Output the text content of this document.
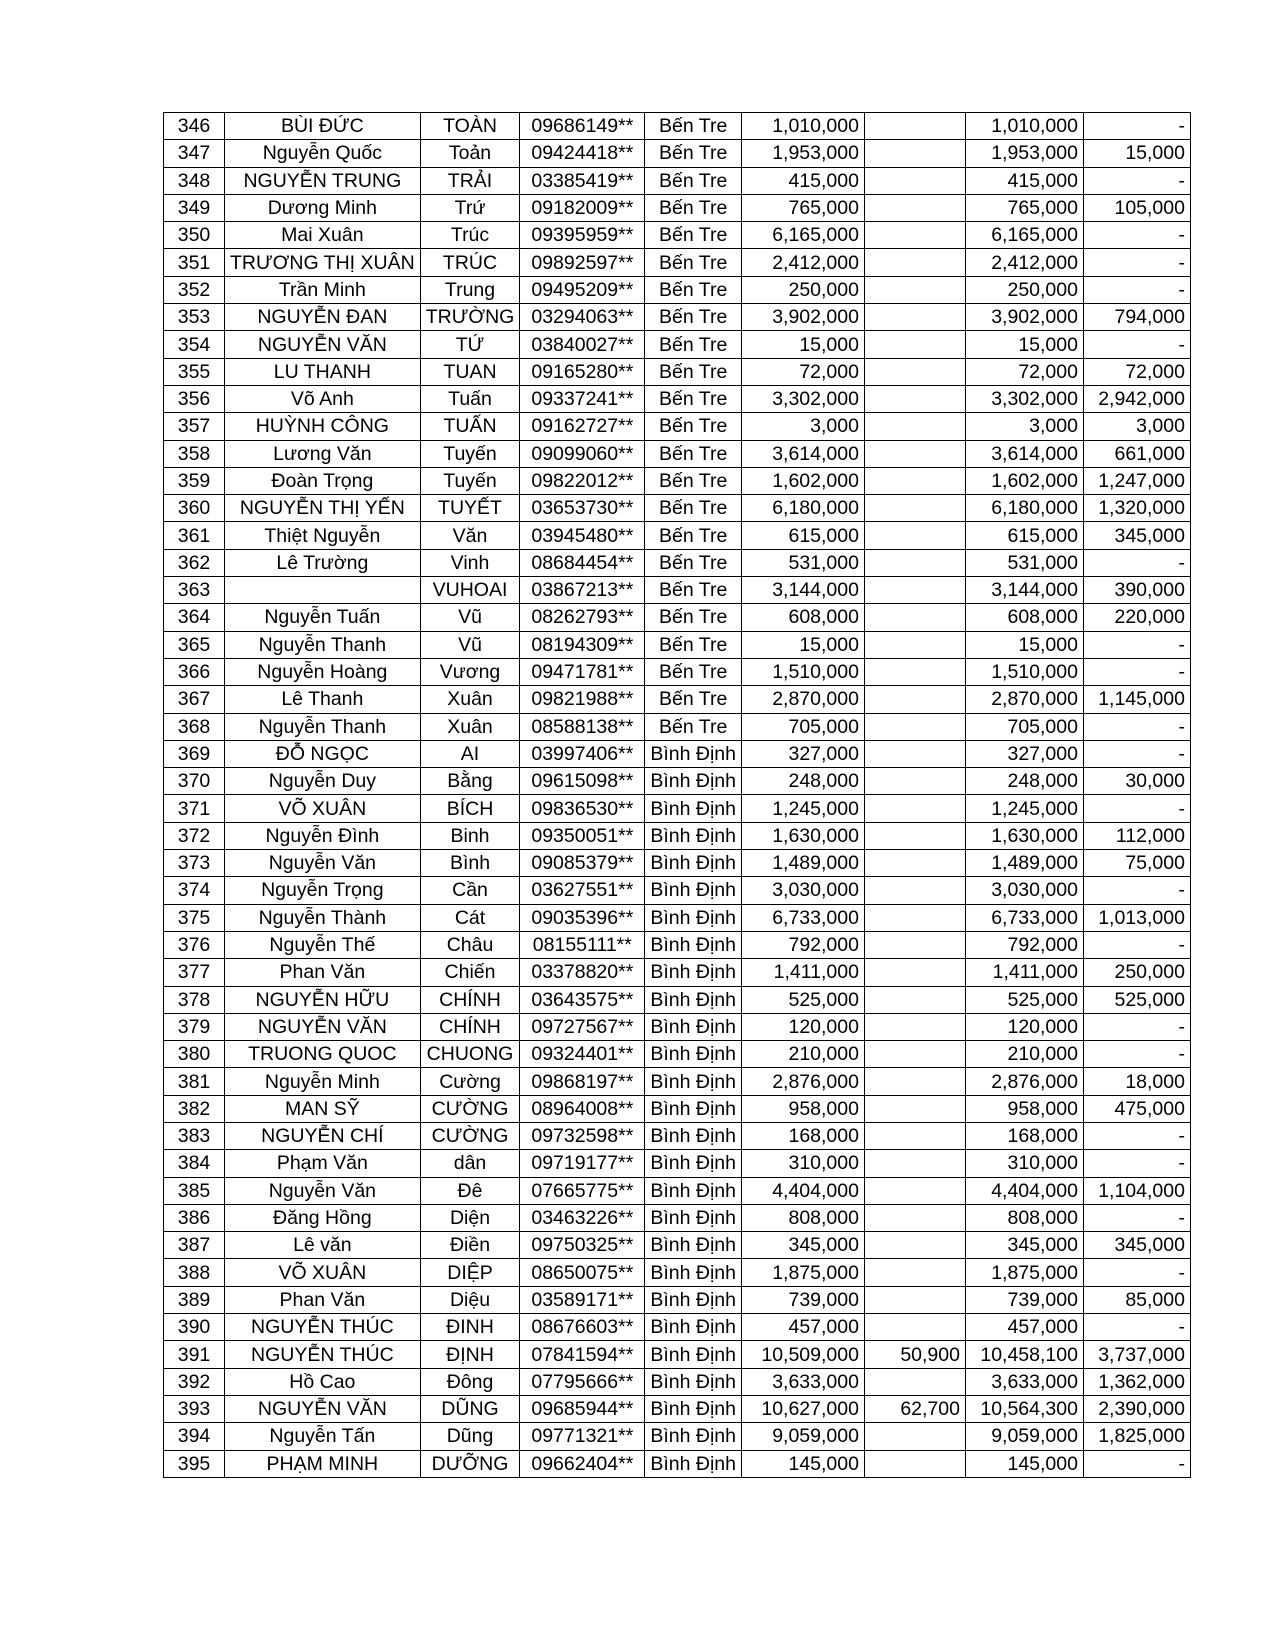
346	BÙI ĐỨC	TOÀN	09686149**	Bến Tre	1,010,000		1,010,000	-
347	Nguyễn Quốc	Toản	09424418**	Bến Tre	1,953,000		1,953,000	15,000
348	NGUYỄN TRUNG	TRẢI	03385419**	Bến Tre	415,000		415,000	-
349	Dương Minh	Trứ	09182009**	Bến Tre	765,000		765,000	105,000
350	Mai Xuân	Trúc	09395959**	Bến Tre	6,165,000		6,165,000	-
351	TRƯƠNG THỊ XUÂN	TRÚC	09892597**	Bến Tre	2,412,000		2,412,000	-
352	Trần Minh	Trung	09495209**	Bến Tre	250,000		250,000	-
353	NGUYỄN ĐAN	TRƯỜNG	03294063**	Bến Tre	3,902,000		3,902,000	794,000
354	NGUYỄN VĂN	TỨ	03840027**	Bến Tre	15,000		15,000	-
355	LU THANH	TUAN	09165280**	Bến Tre	72,000		72,000	72,000
356	Võ Anh	Tuấn	09337241**	Bến Tre	3,302,000		3,302,000	2,942,000
357	HUỲNH CÔNG	TUẤN	09162727**	Bến Tre	3,000		3,000	3,000
358	Lương Văn	Tuyến	09099060**	Bến Tre	3,614,000		3,614,000	661,000
359	Đoàn Trọng	Tuyến	09822012**	Bến Tre	1,602,000		1,602,000	1,247,000
360	NGUYỄN THỊ YẾN	TUYẾT	03653730**	Bến Tre	6,180,000		6,180,000	1,320,000
361	Thiệt Nguyễn	Văn	03945480**	Bến Tre	615,000		615,000	345,000
362	Lê Trường	Vinh	08684454**	Bến Tre	531,000		531,000	-
363		VUHOAI	03867213**	Bến Tre	3,144,000		3,144,000	390,000
364	Nguyễn Tuấn	Vũ	08262793**	Bến Tre	608,000		608,000	220,000
365	Nguyễn Thanh	Vũ	08194309**	Bến Tre	15,000		15,000	-
366	Nguyễn Hoàng	Vương	09471781**	Bến Tre	1,510,000		1,510,000	-
367	Lê Thanh	Xuân	09821988**	Bến Tre	2,870,000		2,870,000	1,145,000
368	Nguyễn Thanh	Xuân	08588138**	Bến Tre	705,000		705,000	-
369	ĐỖ NGỌC	AI	03997406**	Bình Định	327,000		327,000	-
370	Nguyễn Duy	Bằng	09615098**	Bình Định	248,000		248,000	30,000
371	VÕ XUÂN	BÍCH	09836530**	Bình Định	1,245,000		1,245,000	-
372	Nguyễn Đình	Binh	09350051**	Bình Định	1,630,000		1,630,000	112,000
373	Nguyễn Văn	Bình	09085379**	Bình Định	1,489,000		1,489,000	75,000
374	Nguyễn Trọng	Cần	03627551**	Bình Định	3,030,000		3,030,000	-
375	Nguyễn Thành	Cát	09035396**	Bình Định	6,733,000		6,733,000	1,013,000
376	Nguyễn Thế	Châu	08155111**	Bình Định	792,000		792,000	-
377	Phan Văn	Chiến	03378820**	Bình Định	1,411,000		1,411,000	250,000
378	NGUYỄN HỮU	CHÍNH	03643575**	Bình Định	525,000		525,000	525,000
379	NGUYỄN VĂN	CHÍNH	09727567**	Bình Định	120,000		120,000	-
380	TRUONG QUOC	CHUONG	09324401**	Bình Định	210,000		210,000	-
381	Nguyễn Minh	Cường	09868197**	Bình Định	2,876,000		2,876,000	18,000
382	MAN SỸ	CƯỜNG	08964008**	Bình Định	958,000		958,000	475,000
383	NGUYỄN CHÍ	CƯỜNG	09732598**	Bình Định	168,000		168,000	-
384	Phạm Văn	dân	09719177**	Bình Định	310,000		310,000	-
385	Nguyễn Văn	Đê	07665775**	Bình Định	4,404,000		4,404,000	1,104,000
386	Đăng Hồng	Diện	03463226**	Bình Định	808,000		808,000	-
387	Lê văn	Điền	09750325**	Bình Định	345,000		345,000	345,000
388	VÕ XUÂN	DIỆP	08650075**	Bình Định	1,875,000		1,875,000	-
389	Phan Văn	Diệu	03589171**	Bình Định	739,000		739,000	85,000
390	NGUYỄN THÚC	ĐINH	08676603**	Bình Định	457,000		457,000	-
391	NGUYỄN THÚC	ĐỊNH	07841594**	Bình Định	10,509,000	50,900	10,458,100	3,737,000
392	Hồ Cao	Đông	07795666**	Bình Định	3,633,000		3,633,000	1,362,000
393	NGUYỄN VĂN	DŨNG	09685944**	Bình Định	10,627,000	62,700	10,564,300	2,390,000
394	Nguyễn Tấn	Dũng	09771321**	Bình Định	9,059,000		9,059,000	1,825,000
395	PHẠM MINH	DƯỠNG	09662404**	Bình Định	145,000		145,000	-
